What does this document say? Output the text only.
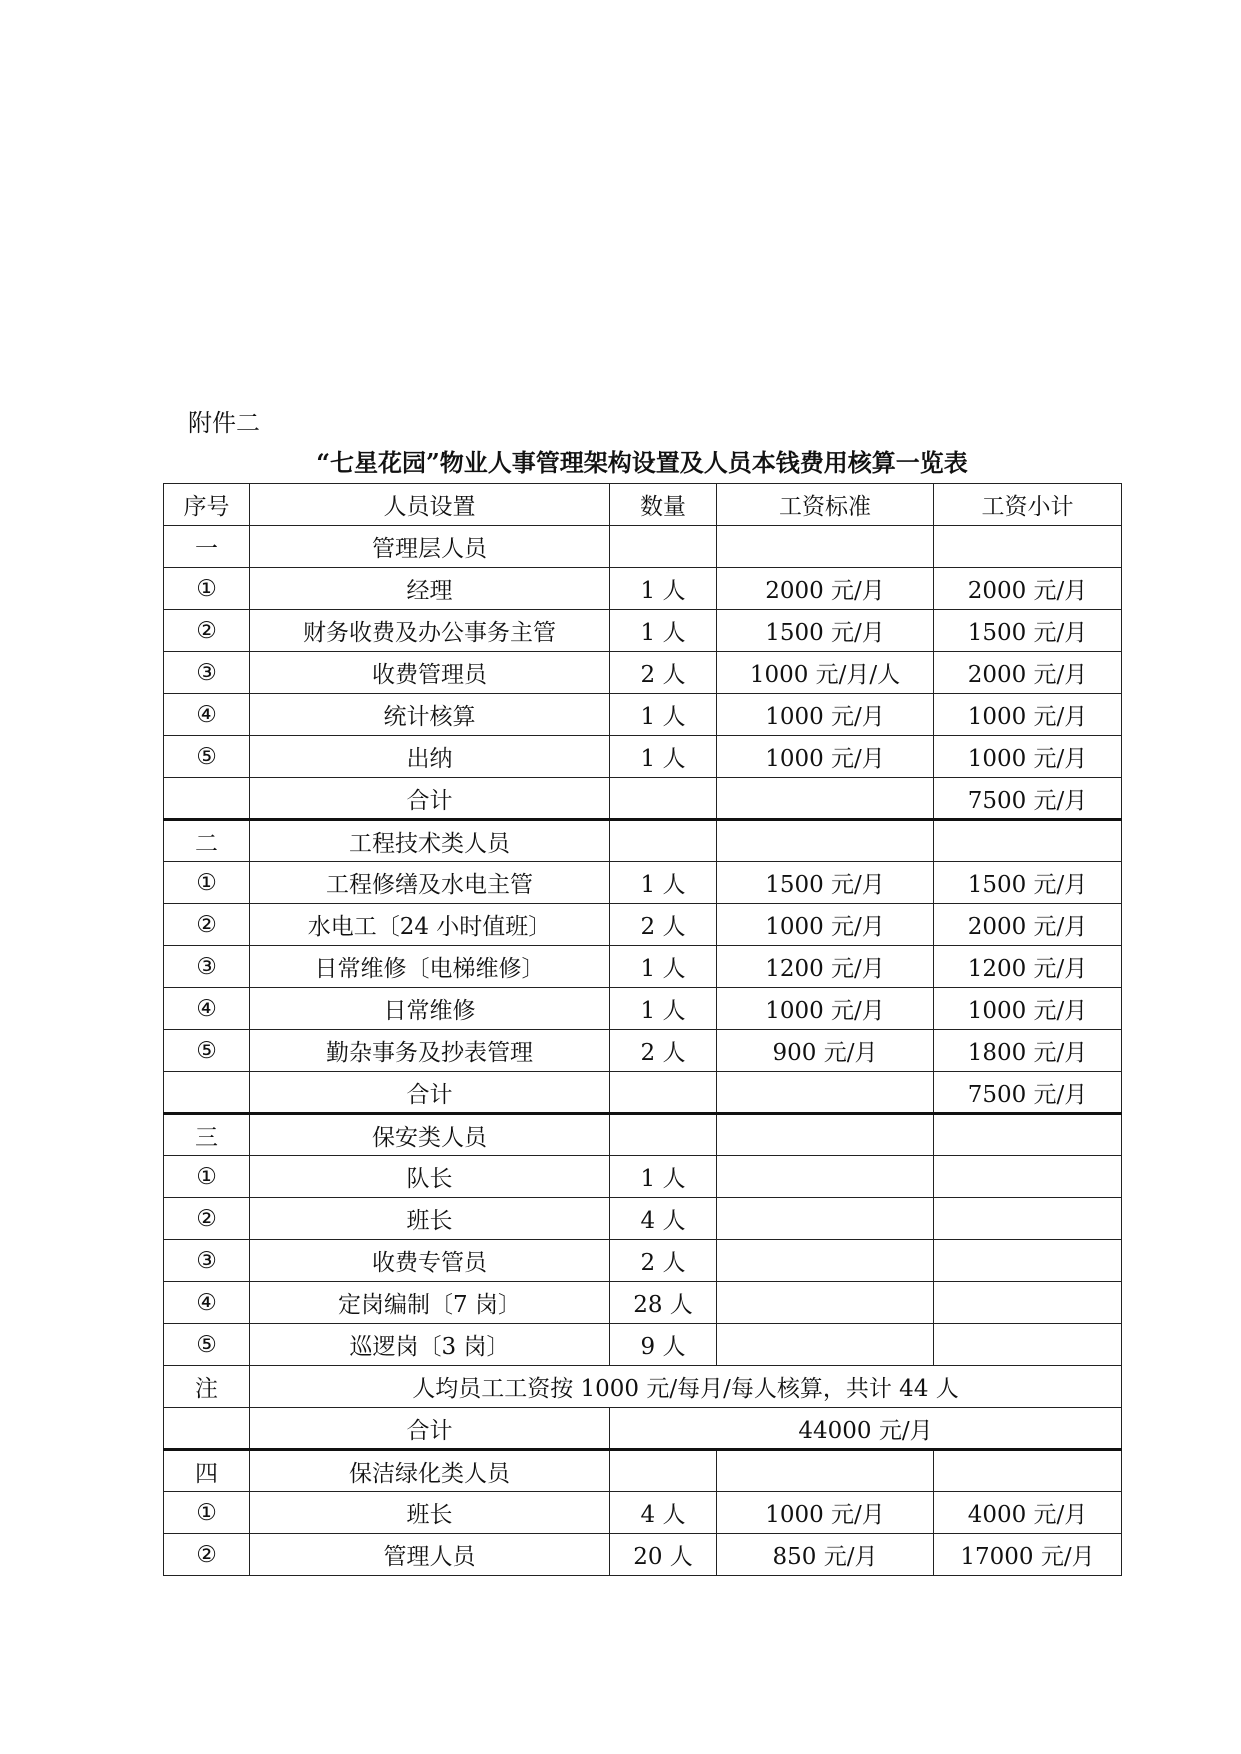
附件二
“七星花园”物业人事管理架构设置及人员本钱费用核算一览表
序号	人员设置	数量	工资标准	工资小计
一	管理层人员			
①	经理	1 人	2000 元/月	2000 元/月
②	财务收费及办公事务主管	1 人	1500 元/月	1500 元/月
③	收费管理员	2 人	1000 元/月/人	2000 元/月
④	统计核算	1 人	1000 元/月	1000 元/月
⑤	出纳	1 人	1000 元/月	1000 元/月
	合计			7500 元/月
二	工程技术类人员			
①	工程修缮及水电主管	1 人	1500 元/月	1500 元/月
②	水电工〔24 小时值班〕	2 人	1000 元/月	2000 元/月
③	日常维修〔电梯维修〕	1 人	1200 元/月	1200 元/月
④	日常维修	1 人	1000 元/月	1000 元/月
⑤	勤杂事务及抄表管理	2 人	900 元/月	1800 元/月
	合计			7500 元/月
三	保安类人员			
①	队长	1 人		
②	班长	4 人		
③	收费专管员	2 人		
④	定岗编制〔7 岗〕	28 人		
⑤	巡逻岗〔3 岗〕	9 人		
注	人均员工工资按 1000 元/每月/每人核算，共计 44 人			
	合计	44000 元/月		
四	保洁绿化类人员			
①	班长	4 人	1000 元/月	4000 元/月
②	管理人员	20 人	850 元/月	17000 元/月
